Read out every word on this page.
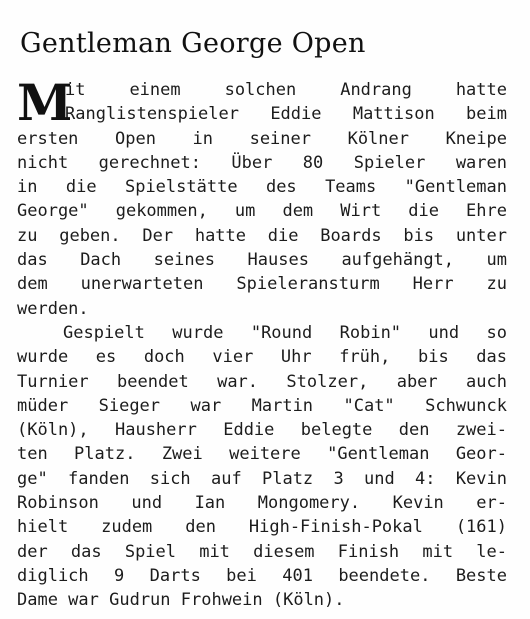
Gentleman George Open
M
it einem solchen Andrang hatte
Ranglistenspieler Eddie Mattison beim
ersten Open in seiner Kölner Kneipe
nicht gerechnet: Über 80 Spieler waren
in die Spielstätte des Teams "Gentleman
George" gekommen, um dem Wirt die Ehre
zu geben. Der hatte die Boards bis unter
das Dach seines Hauses aufgehängt, um
dem unerwarteten Spieleransturm Herr zu
werden.
Gespielt wurde "Round Robin" und so
wurde es doch vier Uhr früh, bis das
Turnier beendet war. Stolzer, aber auch
müder Sieger war Martin "Cat" Schwunck
(Köln), Hausherr Eddie belegte den zwei-
ten Platz. Zwei weitere "Gentleman Geor-
ge" fanden sich auf Platz 3 und 4: Kevin
Robinson und Ian Mongomery. Kevin er-
hielt zudem den High-Finish-Pokal (161)
der das Spiel mit diesem Finish mit le-
diglich 9 Darts bei 401 beendete. Beste
Dame war Gudrun Frohwein (Köln).
